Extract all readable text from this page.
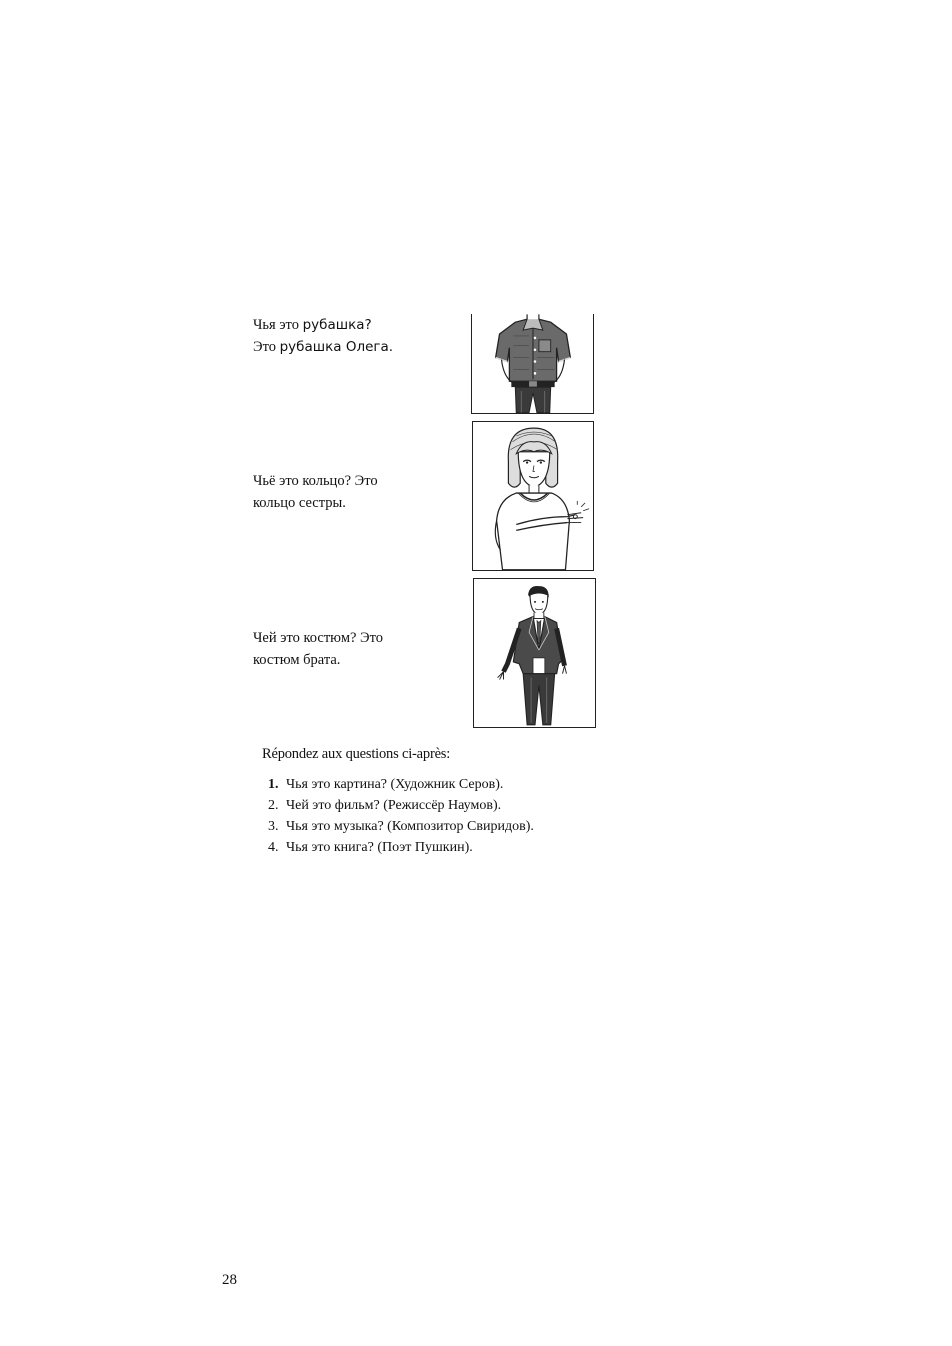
Чья это рубашка?
Это рубашка Олега.

Чьё это кольцо? Это
кольцо сестры.

Чей это костюм? Это
костюм брата.

Répondez aux questions ci-après:

1. Чья это картина? (Художник Серов).
2. Чей это фильм? (Режиссёр Наумов).
3. Чья это музыка? (Композитор Свиридов).
4. Чья это книга? (Поэт Пушкин).

28
